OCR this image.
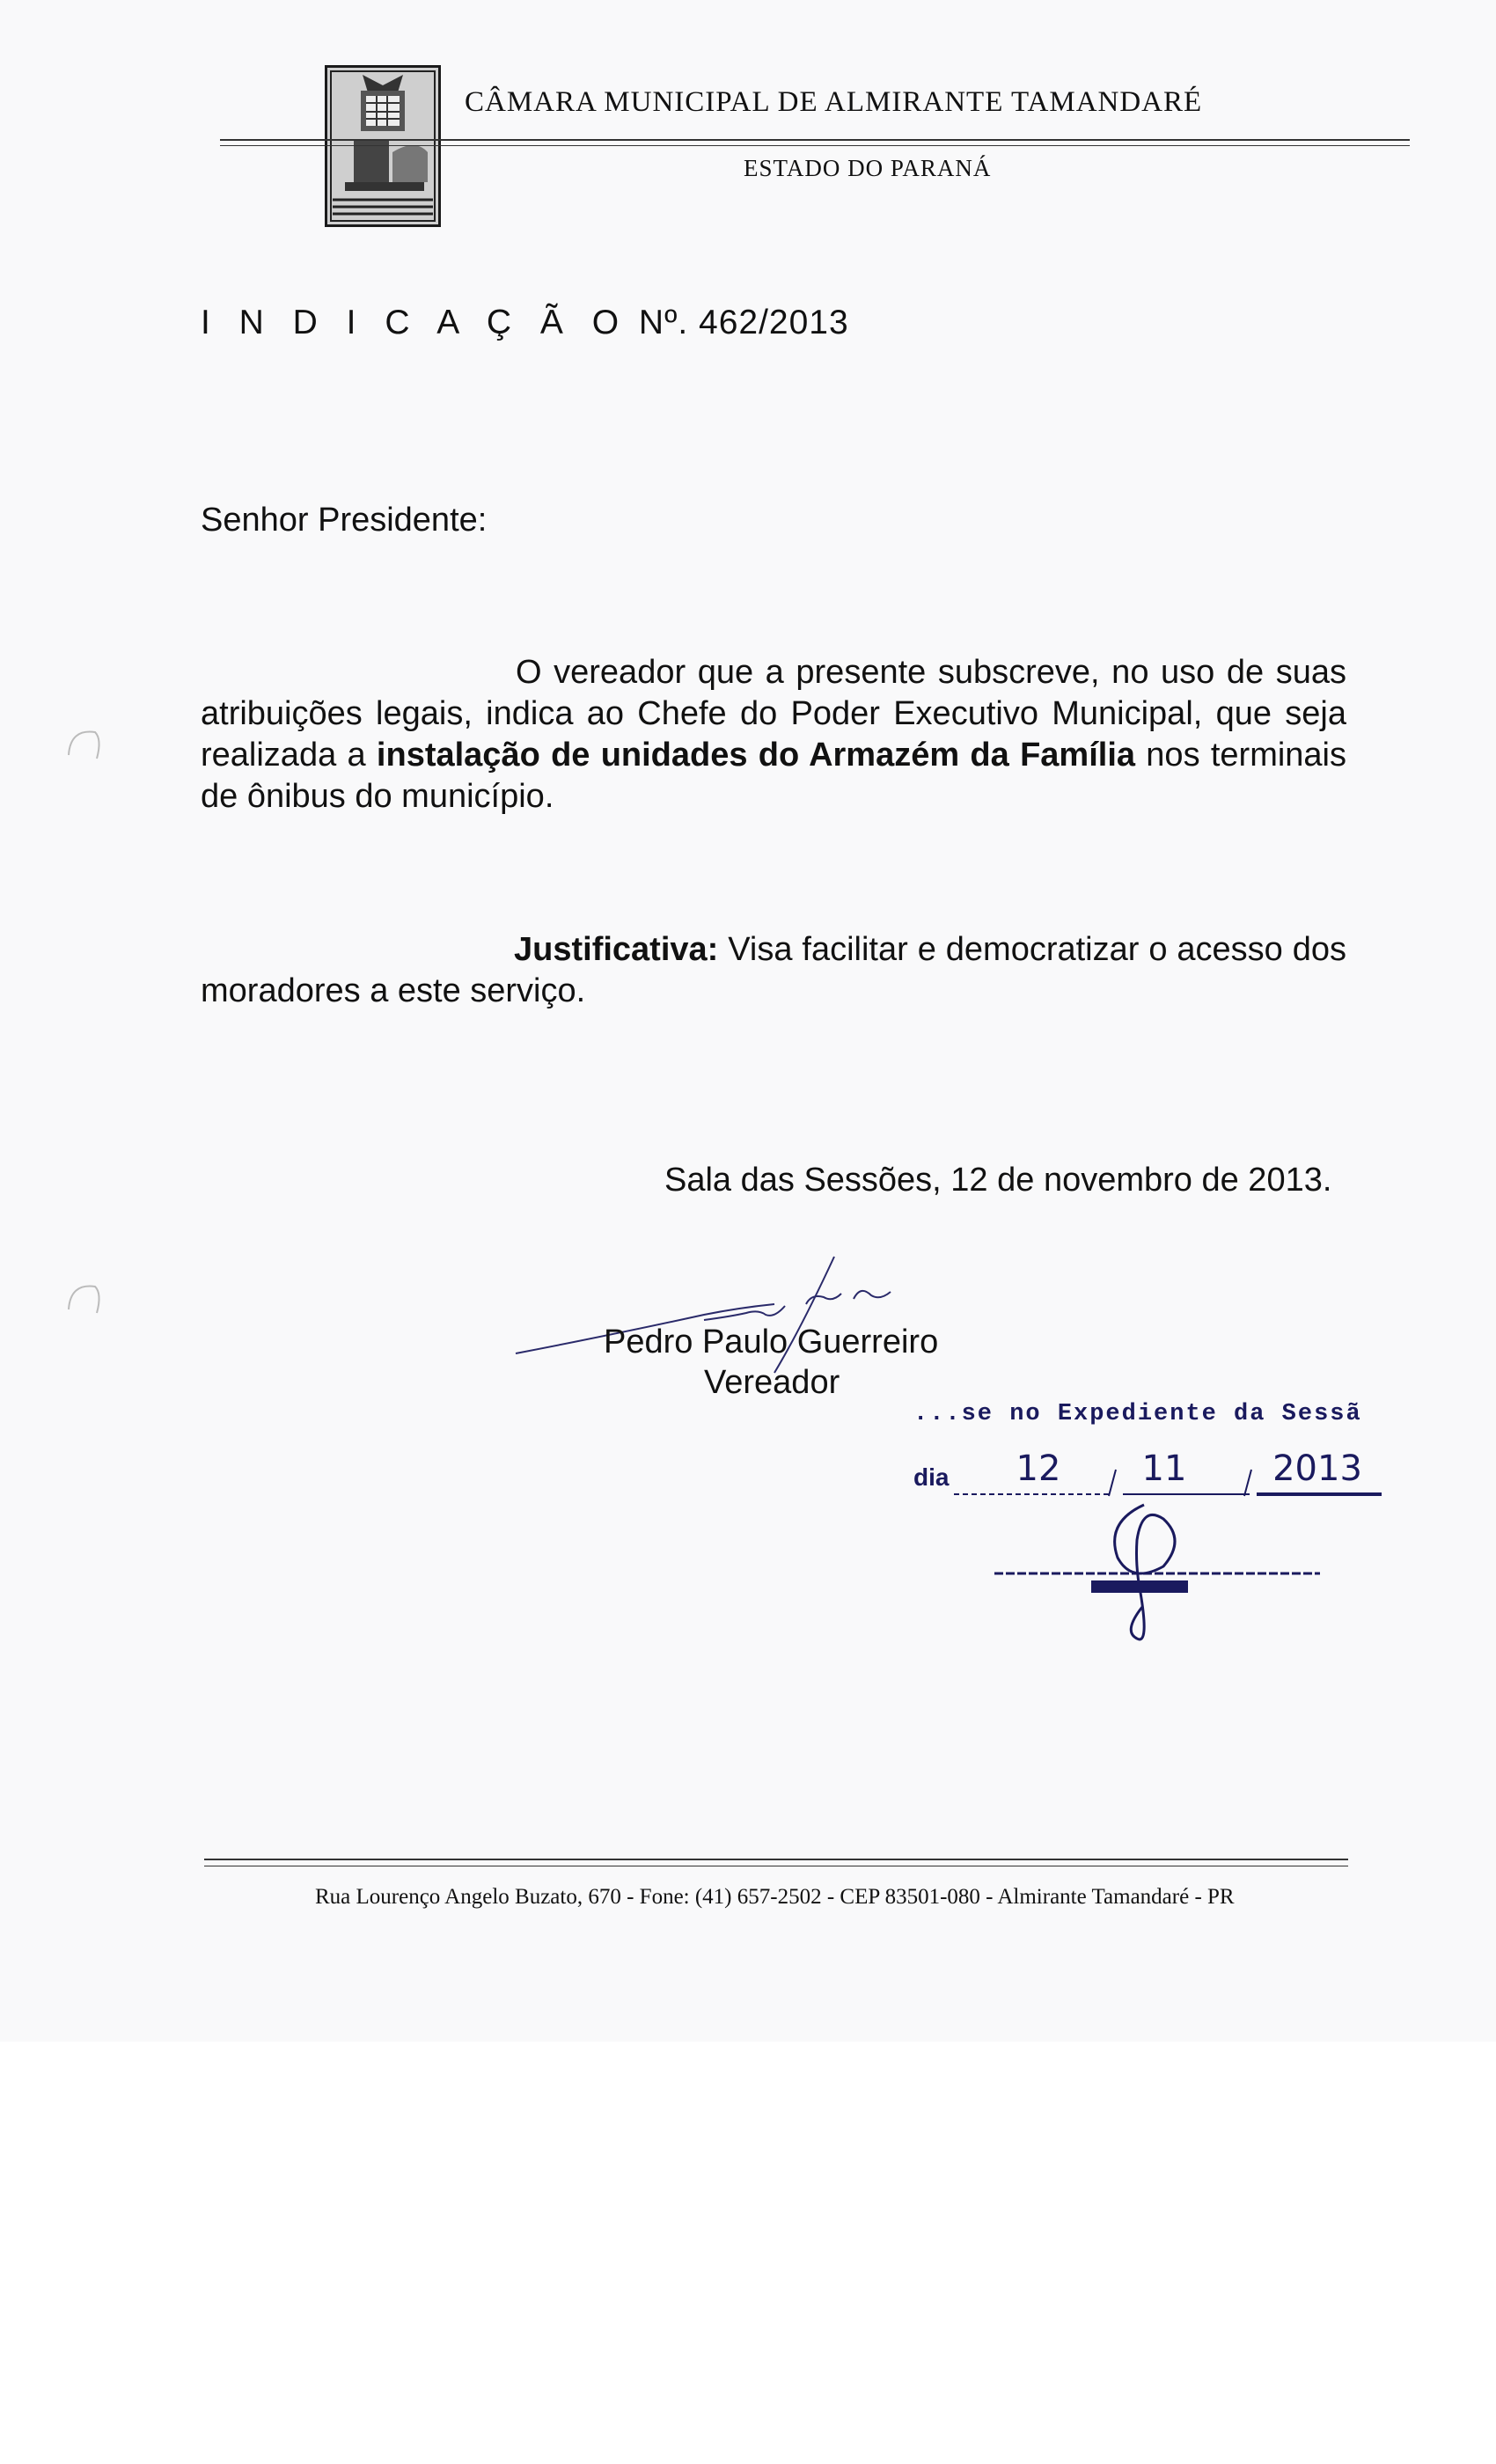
CÂMARA MUNICIPAL DE ALMIRANTE TAMANDARÉ
ESTADO DO PARANÁ
I N D I C A Ç Ã O Nº. 462/2013
Senhor Presidente:
O vereador que a presente subscreve, no uso de suas atribuições legais, indica ao Chefe do Poder Executivo Municipal, que seja realizada a instalação de unidades do Armazém da Família nos terminais de ônibus do município.
Justificativa: Visa facilitar e democratizar o acesso dos moradores a este serviço.
Sala das Sessões, 12 de novembro de 2013.
Pedro Paulo Guerreiro
Vereador
...se no Expediente da Sessã
dia	12	11	2013
Rua Lourenço Angelo Buzato, 670 - Fone: (41) 657-2502 - CEP 83501-080 - Almirante Tamandaré - PR
